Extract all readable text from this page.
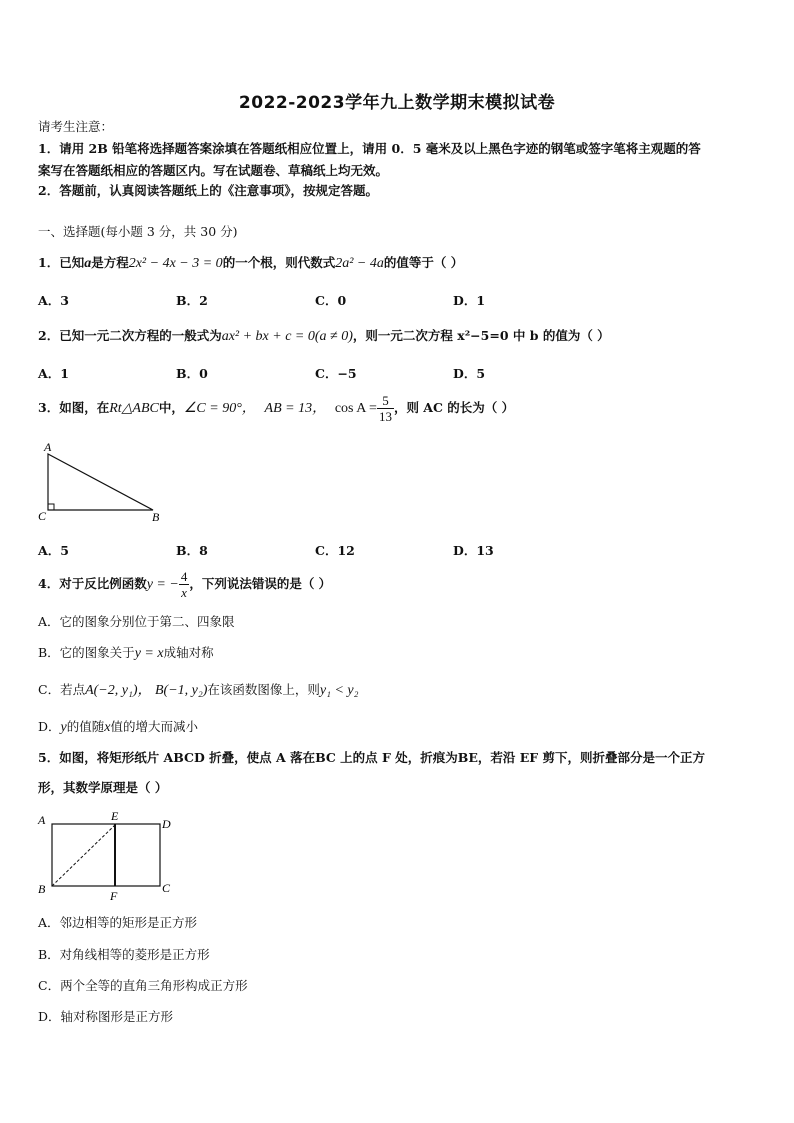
2022-2023学年九上数学期末模拟试卷
请考生注意：
1．请用 2B 铅笔将选择题答案涂填在答题纸相应位置上，请用 0．5 毫米及以上黑色字迹的钢笔或签字笔将主观题的答
案写在答题纸相应的答题区内。写在试题卷、草稿纸上均无效。
2．答题前，认真阅读答题纸上的《注意事项》，按规定答题。
一、选择题(每小题 3 分，共 30 分)
1．已知a是方程2x² − 4x − 3 = 0的一个根，则代数式2a² − 4a的值等于（ ）
A．3	B．2	C．0	D．1
2．已知一元二次方程的一般式为ax² + bx + c = 0(a ≠ 0)，则一元二次方程 x²−5=0 中 b 的值为（ ）
A．1	B．0	C．−5	D．5
3．如图，在Rt△ABC中，∠C = 90°， AB = 13， $\cos A = \frac{5}{13}$ ，则 AC 的长为（ ）
A
C	B
A．5	B．8	C．12	D．13
4．对于反比例函数y = − $\frac{4}{x}$ ，下列说法错误的是（ ）
A．它的图象分别位于第二、四象限
B．它的图象关于y = x成轴对称
C．若点A(−2, y₁)， B(−1, y₂)在该函数图像上，则y₁ < y₂
D．y的值随x值的增大而减小
5．如图，将矩形纸片 ABCD 折叠，使点 A 落在BC 上的点 F 处，折痕为BE，若沿 EF 剪下，则折叠部分是一个正方
形，其数学原理是（ ）
A	E
D
B	F
C
A．邻边相等的矩形是正方形
B．对角线相等的菱形是正方形
C．两个全等的直角三角形构成正方形
D．轴对称图形是正方形
